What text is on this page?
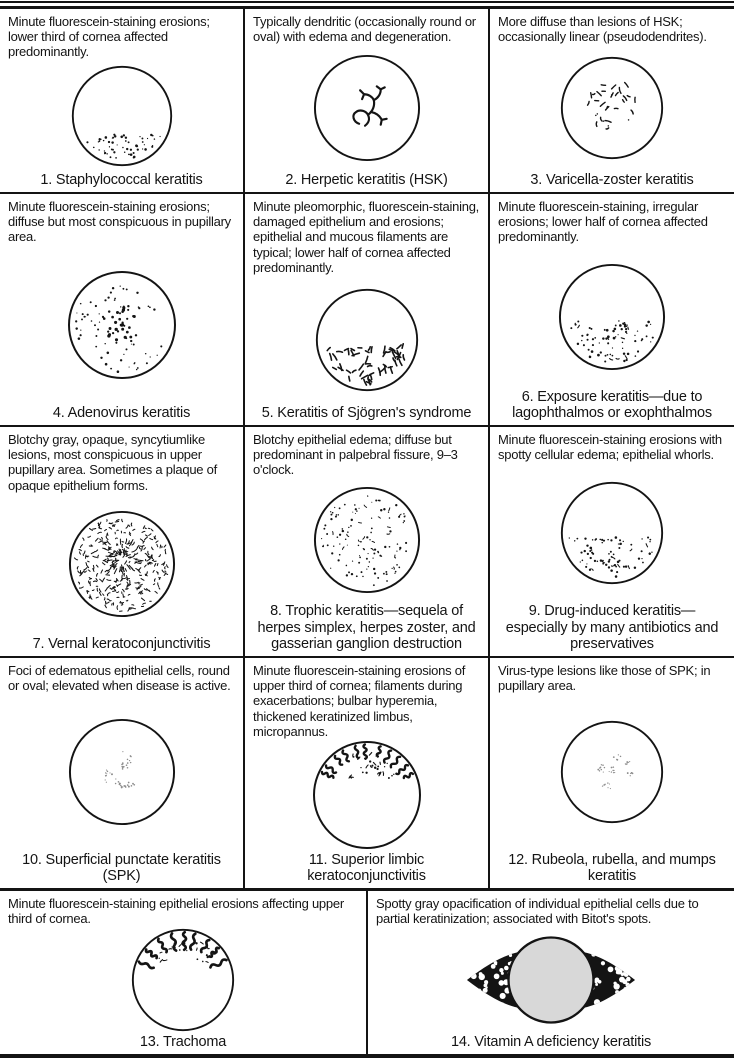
Minute fluorescein-staining erosions; lower third of cornea affected predominantly.
1. Staphylococcal keratitis
Typically dendritic (occasionally round or oval) with edema and degeneration.
2. Herpetic keratitis (HSK)
More diffuse than lesions of HSK; occasionally linear (pseudodendrites).
3. Varicella-zoster keratitis
Minute fluorescein-staining erosions; diffuse but most conspicuous in pupillary area.
4. Adenovirus keratitis
Minute pleomorphic, fluorescein-staining, damaged epithelium and erosions; epithelial and mucous filaments are typical; lower half of cornea affected predominantly.
5. Keratitis of Sjögren's syndrome
Minute fluorescein-staining, irregular erosions; lower half of cornea affected predominantly.
6. Exposure keratitis—due to lagophthalmos or exophthalmos
Blotchy gray, opaque, syncytiumlike lesions, most conspicuous in upper pupillary area. Sometimes a plaque of opaque epithelium forms.
7. Vernal keratoconjunctivitis
Blotchy epithelial edema; diffuse but predominant in palpebral fissure, 9–3 o'clock.
8. Trophic keratitis—sequela of herpes simplex, herpes zoster, and gasserian ganglion destruction
Minute fluorescein-staining erosions with spotty cellular edema; epithelial whorls.
9. Drug-induced keratitis—especially by many antibiotics and preservatives
Foci of edematous epithelial cells, round or oval; elevated when disease is active.
10. Superficial punctate keratitis (SPK)
Minute fluorescein-staining erosions of upper third of cornea; filaments during exacerbations; bulbar hyperemia, thickened keratinized limbus, micropannus.
11. Superior limbic keratoconjunctivitis
Virus-type lesions like those of SPK; in pupillary area.
12. Rubeola, rubella, and mumps keratitis
Minute fluorescein-staining epithelial erosions affecting upper third of cornea.
13. Trachoma
Spotty gray opacification of individual epithelial cells due to partial keratinization; associated with Bitot's spots.
14. Vitamin A deficiency keratitis
